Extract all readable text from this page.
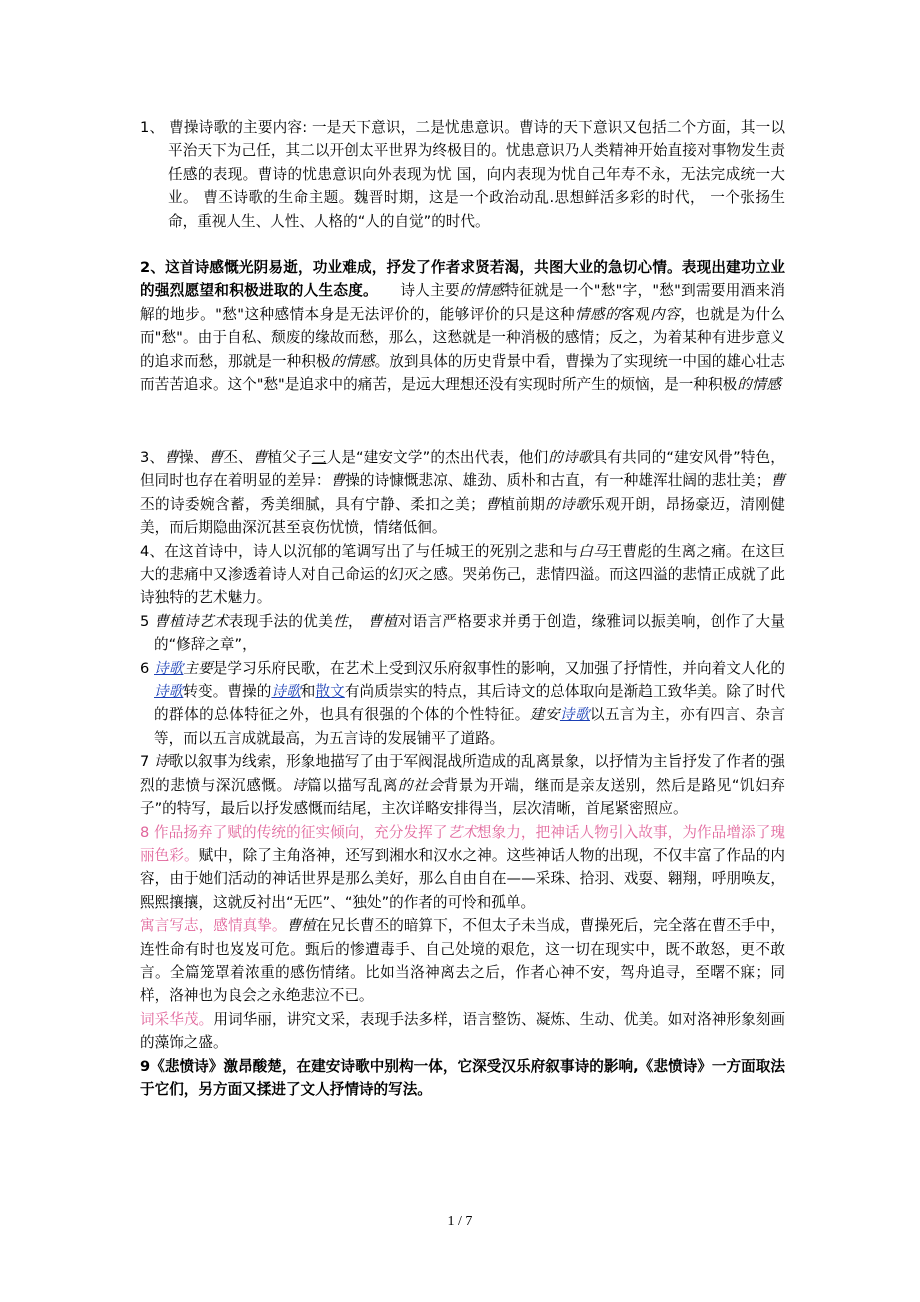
1、 曹操诗歌的主要内容: 一是天下意识，二是忧患意识。曹诗的天下意识又包括二个方面，其一以平治天下为己任，其二以开创太平世界为终极目的。忧患意识乃人类精神开始直接对事物发生责任感的表现。曹诗的忧患意识向外表现为忧 国，向内表现为忧自己年寿不永，无法完成统一大业。 曹丕诗歌的生命主题。魏晋时期，这是一个政治动乱.思想鲜活多彩的时代， 一个张扬生命，重视人生、人性、人格的“人的自觉”的时代。

2、这首诗感慨光阴易逝，功业难成，抒发了作者求贤若渴，共图大业的急切心情。表现出建功立业的强烈愿望和积极进取的人生态度。　　 诗人主要的情感特征就是一个"愁"字，"愁"到需要用酒来消解的地步。"愁"这种感情本身是无法评价的，能够评价的只是这种情感的客观内容，也就是为什么而"愁"。由于自私、颓废的缘故而愁，那么，这愁就是一种消极的感情；反之，为着某种有进步意义的追求而愁，那就是一种积极的情感。放到具体的历史背景中看，曹操为了实现统一中国的雄心壮志而苦苦追求。这个"愁"是追求中的痛苦，是远大理想还没有实现时所产生的烦恼，是一种积极的情感

3、曹操、曹丕、曹植父子三人是“建安文学”的杰出代表，他们的诗歌具有共同的“建安风骨”特色，但同时也存在着明显的差异：曹操的诗慷慨悲凉、雄劲、质朴和古直，有一种雄浑壮阔的悲壮美；曹丕的诗委婉含蓄，秀美细腻，具有宁静、柔扣之美；曹植前期的诗歌乐观开朗，昂扬豪迈，清刚健美，而后期隐曲深沉甚至哀伤忧愤，情绪低徊。

4、在这首诗中，诗人以沉郁的笔调写出了与任城王的死别之悲和与白马王曹彪的生离之痛。在这巨大的悲痛中又渗透着诗人对自己命运的幻灭之感。哭弟伤己，悲情四溢。而这四溢的悲情正成就了此诗独特的艺术魅力。

5 曹植诗艺术表现手法的优美性， 曹植对语言严格要求并勇于创造，缘雅词以振美响，创作了大量的“修辞之章”，

6 诗歌主要是学习乐府民歌，在艺术上受到汉乐府叙事性的影响，又加强了抒情性，并向着文人化的诗歌转变。曹操的诗歌和散文有尚质崇实的特点，其后诗文的总体取向是渐趋工致华美。除了时代的群体的总体特征之外，也具有很强的个体的个性特征。建安诗歌以五言为主，亦有四言、杂言等，而以五言成就最高，为五言诗的发展铺平了道路。

7 诗歌以叙事为线索，形象地描写了由于军阀混战所造成的乱离景象，以抒情为主旨抒发了作者的强烈的悲愤与深沉感慨。诗篇以描写乱离的社会背景为开端，继而是亲友送别，然后是路见“饥妇弃子”的特写，最后以抒发感慨而结尾，主次详略安排得当，层次清晰，首尾紧密照应。

8 作品扬弃了赋的传统的征实倾向，充分发挥了艺术想象力，把神话人物引入故事，为作品增添了瑰丽色彩。赋中，除了主角洛神，还写到湘水和汉水之神。这些神话人物的出现，不仅丰富了作品的内容，由于她们活动的神话世界是那么美好，那么自由自在——采珠、拾羽、戏耍、翱翔，呼朋唤友，熙熙攘攘，这就反衬出“无匹”、“独处”的作者的可怜和孤单。

寓言写志，感情真挚。曹植在兄长曹丕的暗算下，不但太子未当成，曹操死后，完全落在曹丕手中，连性命有时也岌岌可危。甄后的惨遭毒手、自己处境的艰危，这一切在现实中，既不敢怒，更不敢言。全篇笼罩着浓重的感伤情绪。比如当洛神离去之后，作者心神不安，驾舟追寻，至曙不寐；同样，洛神也为良会之永绝悲泣不已。

词采华茂。用词华丽，讲究文采，表现手法多样，语言整饬、凝炼、生动、优美。如对洛神形象刻画的藻饰之盛。

9《悲愤诗》激昂酸楚，在建安诗歌中别构一体，它深受汉乐府叙事诗的影响,《悲愤诗》一方面取法于它们，另方面又揉进了文人抒情诗的写法。

1 / 7
